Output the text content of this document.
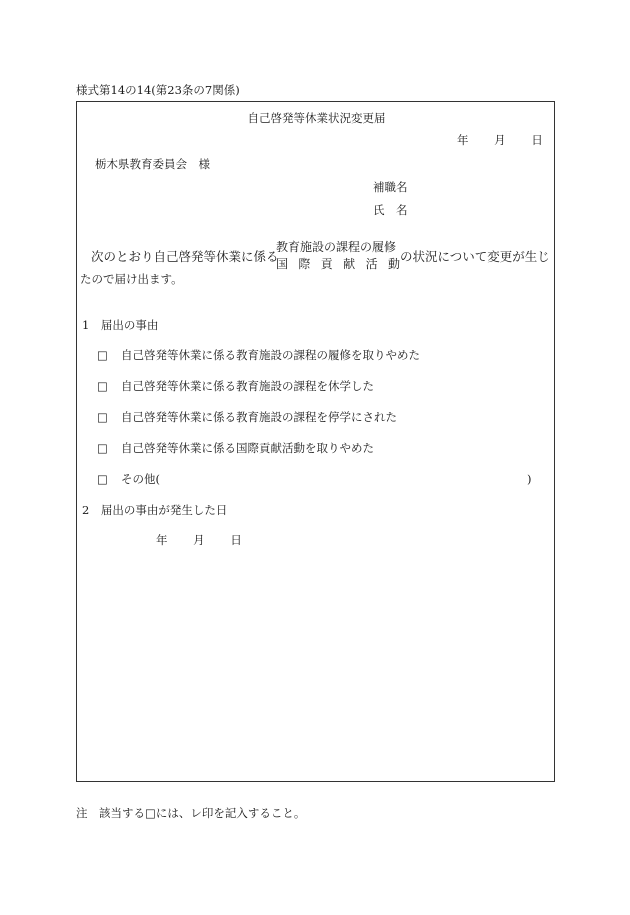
様式第14の14(第23条の7関係)
自己啓発等休業状況変更届
年 月 日
栃木県教育委員会　様
補職名
氏　名
次のとおり自己啓発等休業に係る
教育施設の課程の履修
国 際 貢 献 活 動 の状況について変更が生じ
たので届け出ます。
1　届出の事由
□ 自己啓発等休業に係る教育施設の課程の履修を取りやめた
□ 自己啓発等休業に係る教育施設の課程を休学した
□ 自己啓発等休業に係る教育施設の課程を停学にされた
□ 自己啓発等休業に係る国際貢献活動を取りやめた
□ その他(	)
2　届出の事由が発生した日
年 月 日
注　該当する□には、レ印を記入すること。
